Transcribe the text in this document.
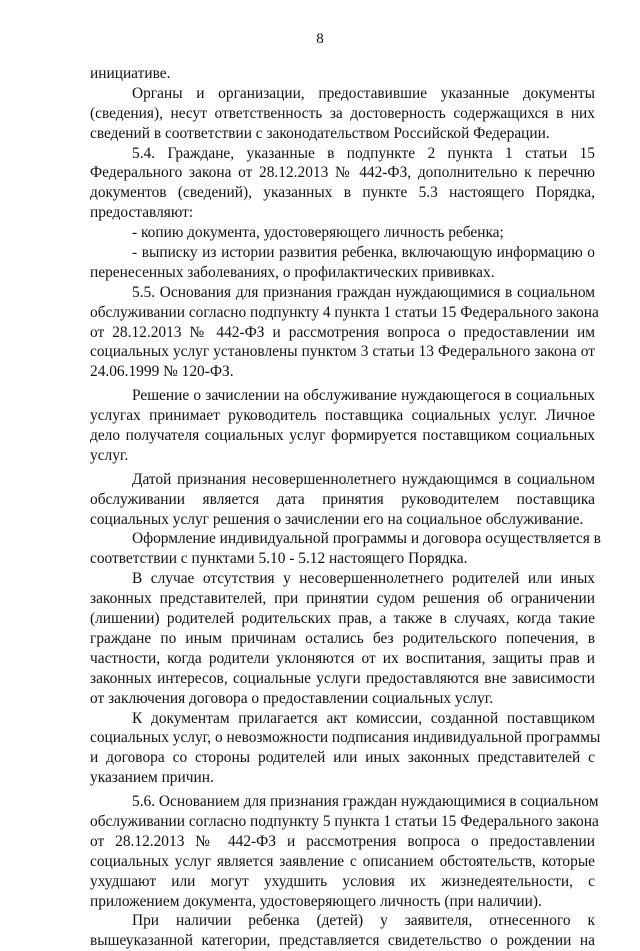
8
инициативе.
Органы и организации, предоставившие указанные документы
(сведения), несут ответственность за достоверность содержащихся в них
сведений в соответствии с законодательством Российской Федерации.
5.4. Граждане, указанные в подпункте 2 пункта 1 статьи 15
Федерального закона от 28.12.2013 № 442-ФЗ, дополнительно к перечню
документов (сведений), указанных в пункте 5.3 настоящего Порядка,
предоставляют:
- копию документа, удостоверяющего личность ребенка;
- выписку из истории развития ребенка, включающую информацию о
перенесенных заболеваниях, о профилактических прививках.
5.5. Основания для признания граждан нуждающимися в социальном
обслуживании согласно подпункту 4 пункта 1 статьи 15 Федерального закона
от 28.12.2013 № 442-ФЗ и рассмотрения вопроса о предоставлении им
социальных услуг установлены пунктом 3 статьи 13 Федерального закона от
24.06.1999 № 120-ФЗ.
Решение о зачислении на обслуживание нуждающегося в социальных
услугах принимает руководитель поставщика социальных услуг. Личное
дело получателя социальных услуг формируется поставщиком социальных
услуг.
Датой признания несовершеннолетнего нуждающимся в социальном
обслуживании является дата принятия руководителем поставщика
социальных услуг решения о зачислении его на социальное обслуживание.
Оформление индивидуальной программы и договора осуществляется в
соответствии с пунктами 5.10 - 5.12 настоящего Порядка.
В случае отсутствия у несовершеннолетнего родителей или иных
законных представителей, при принятии судом решения об ограничении
(лишении) родителей родительских прав, а также в случаях, когда такие
граждане по иным причинам остались без родительского попечения, в
частности, когда родители уклоняются от их воспитания, защиты прав и
законных интересов, социальные услуги предоставляются вне зависимости
от заключения договора о предоставлении социальных услуг.
К документам прилагается акт комиссии, созданной поставщиком
социальных услуг, о невозможности подписания индивидуальной программы
и договора со стороны родителей или иных законных представителей с
указанием причин.
5.6. Основанием для признания граждан нуждающимися в социальном
обслуживании согласно подпункту 5 пункта 1 статьи 15 Федерального закона
от 28.12.2013 № 442-ФЗ и рассмотрения вопроса о предоставлении
социальных услуг является заявление с описанием обстоятельств, которые
ухудшают или могут ухудшить условия их жизнедеятельности, с
приложением документа, удостоверяющего личность (при наличии).
При наличии ребенка (детей) у заявителя, отнесенного к
вышеуказанной категории, представляется свидетельство о рождении на
